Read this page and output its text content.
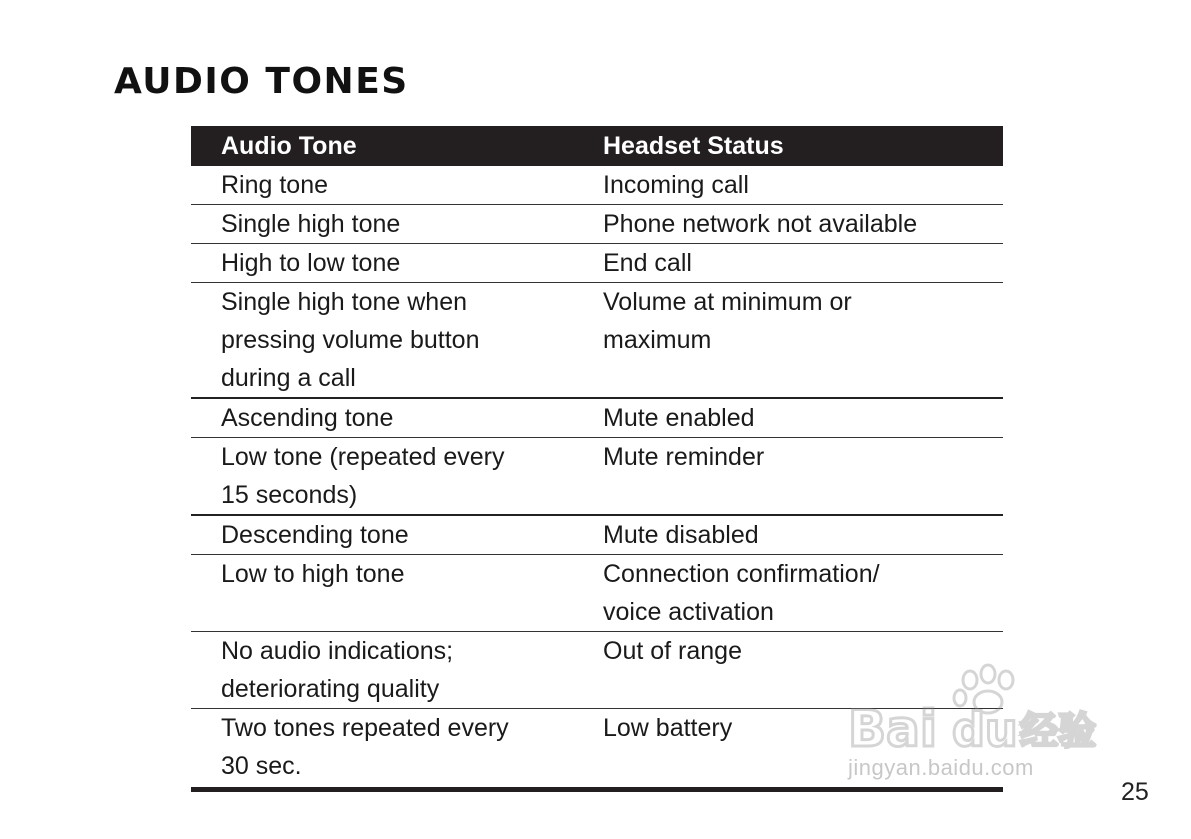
AUDIO TONES
Audio Tone	Headset Status

Ring tone	Incoming call

Single high tone	Phone network not available

High to low tone	End call

Single high tone when
pressing volume button
during a call	Volume at minimum or
maximum

Ascending tone	Mute enabled

Low tone (repeated every
15 seconds)	Mute reminder

Descending tone	Mute disabled

Low to high tone	Connection confirmation/
voice activation

No audio indications;
deteriorating quality	Out of range

Two tones repeated every
30 sec.	Low battery	Bai du 经验
jingyan.baidu.com
25
